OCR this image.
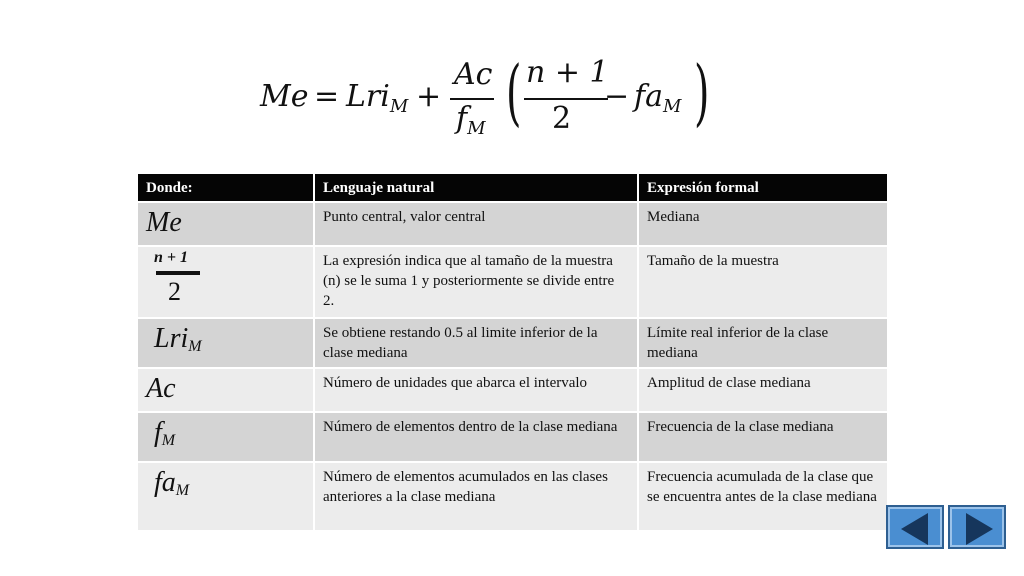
Me = Lri$_M$ +
Ac
$f_M$ ( n + 1
2
− $fa_M$ )
Donde:	Lenguaje natural	Expresión formal
Me	Punto central, valor central	Mediana

n + 1
2	La expresión indica que al tamaño de la muestra (n) se le suma 1 y posteriormente se divide entre 2.	Tamaño de la muestra
Lri$_M$	Se obtiene restando 0.5 al limite inferior de la clase mediana	Límite real inferior de la clase mediana
Ac	Número de unidades que abarca el intervalo	Amplitud de clase mediana
$f_M$	Número de elementos dentro de la clase mediana	Frecuencia de la clase mediana
$fa_M$	Número de elementos acumulados en las clases anteriores a la clase mediana	Frecuencia acumulada de la clase que se encuentra antes de la clase mediana
